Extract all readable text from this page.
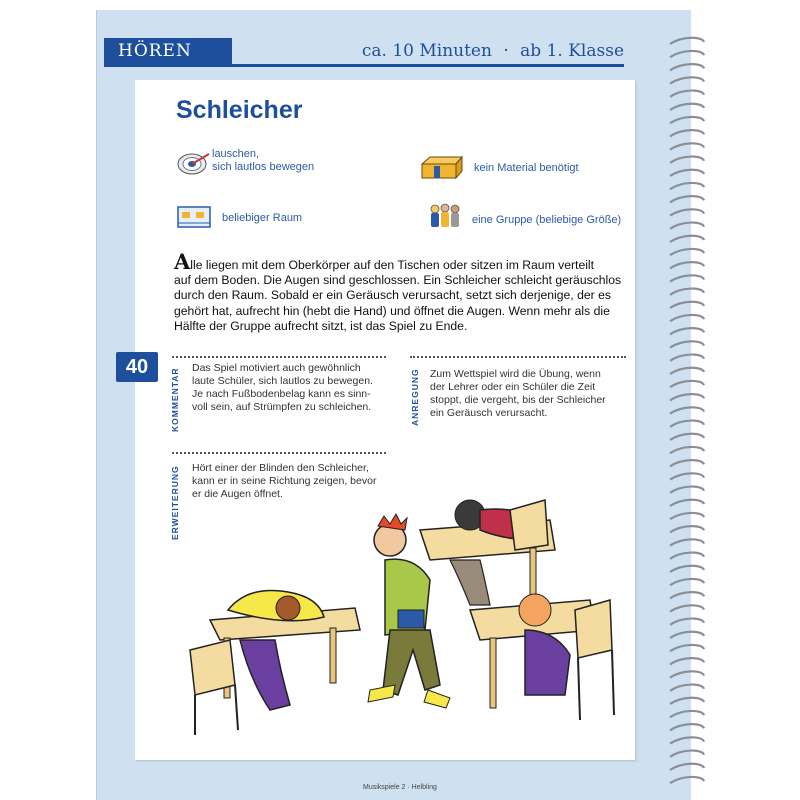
HÖREN	ca. 10 Minuten · ab 1. Klasse
40
Schleicher
lauschen,
sich lautlos bewegen	kein Material benötigt
beliebiger Raum	eine Gruppe (beliebige Größe)
Alle liegen mit dem Oberkörper auf den Tischen oder sitzen im Raum verteilt
auf dem Boden. Die Augen sind geschlossen. Ein Schleicher schleicht geräuschlos
durch den Raum. Sobald er ein Geräusch verursacht, setzt sich derjenige, der es
gehört hat, aufrecht hin (hebt die Hand) und öffnet die Augen. Wenn mehr als die
Hälfte der Gruppe aufrecht sitzt, ist das Spiel zu Ende.
KOMMENTAR Das Spiel motiviert auch gewöhnlich
laute Schüler, sich lautlos zu bewegen.
Je nach Fußbodenbelag kann es sinn-
voll sein, auf Strümpfen zu schleichen.	ANREGUNG Zum Wettspiel wird die Übung, wenn
der Lehrer oder ein Schüler die Zeit
stoppt, die vergeht, bis der Schleicher
ein Geräusch verursacht.
ERWEITERUNG Hört einer der Blinden den Schleicher,
kann er in seine Richtung zeigen, bevor
er die Augen öffnet.
Musikspiele 2 · Helbling
